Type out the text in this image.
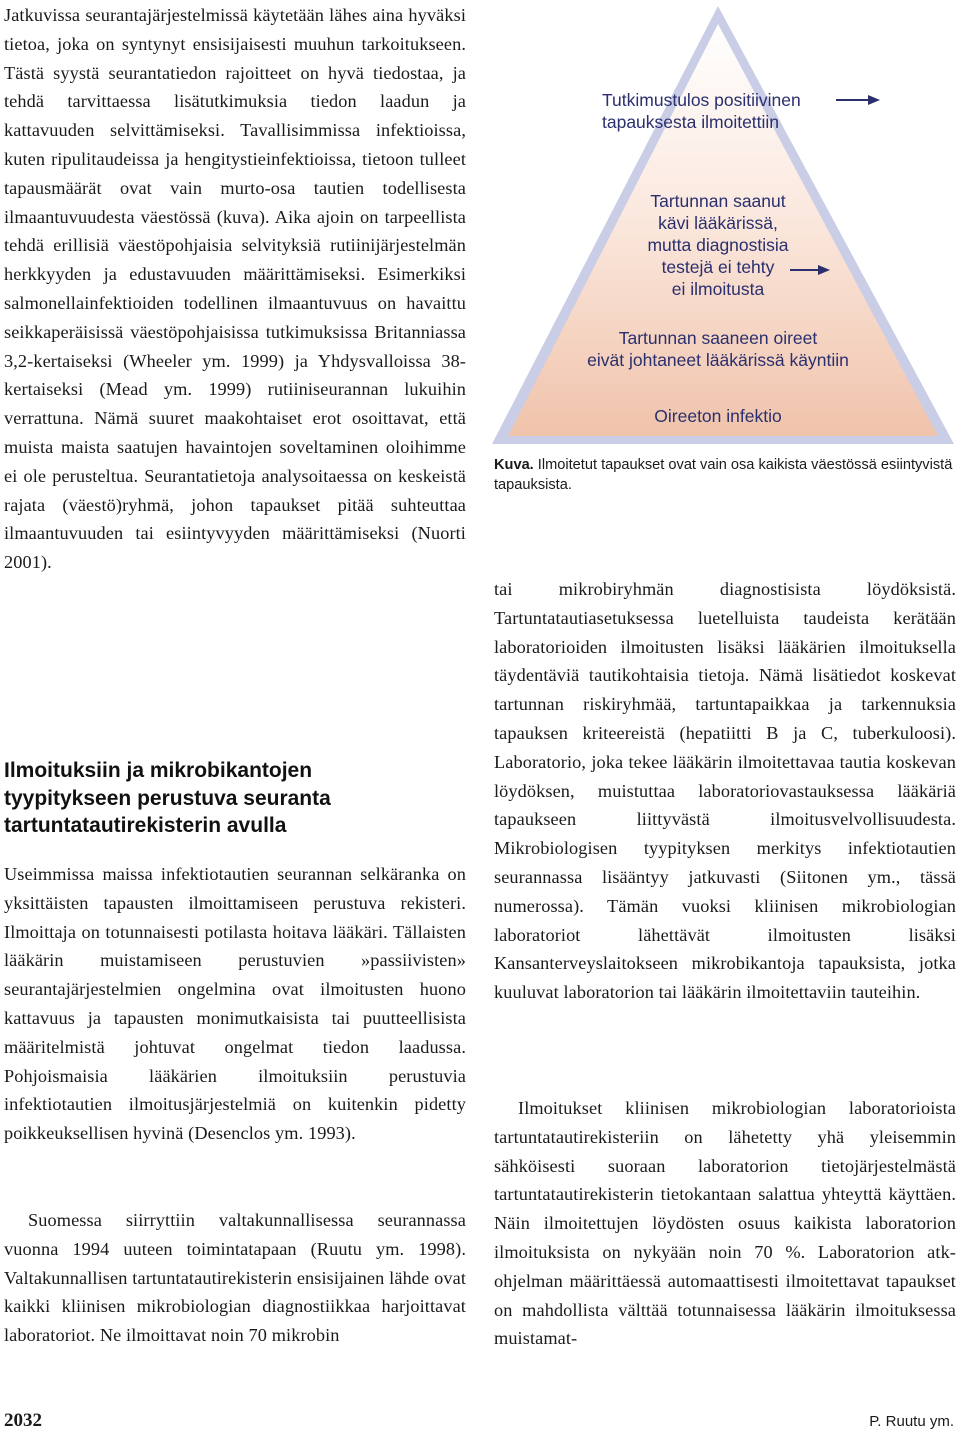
Jatkuvissa seurantajärjestelmissä käytetään lähes aina hyväksi tietoa, joka on syntynyt ensisijaisesti muuhun tarkoitukseen. Tästä syystä seurantatiedon rajoitteet on hyvä tiedostaa, ja tehdä tarvittaessa lisätutkimuksia tiedon laadun ja kattavuuden selvittämiseksi. Tavallisimmissa infektioissa, kuten ripulitaudeissa ja hengitystieinfektioissa, tietoon tulleet tapausmäärät ovat vain murto-osa tautien todellisesta ilmaantuvuudesta väestössä (kuva). Aika ajoin on tarpeellista tehdä erillisiä väestöpohjaisia selvityksiä rutiinijärjestelmän herkkyyden ja edustavuuden määrittämiseksi. Esimerkiksi salmonellainfektioiden todellinen ilmaantuvuus on havaittu seikkaperäisissä väestöpohjaisissa tutkimuksissa Britanniassa 3,2-kertaiseksi (Wheeler ym. 1999) ja Yhdysvalloissa 38-kertaiseksi (Mead ym. 1999) rutiiniseurannan lukuihin verrattuna. Nämä suuret maakohtaiset erot osoittavat, että muista maista saatujen havaintojen soveltaminen oloihimme ei ole perusteltua. Seurantatietoja analysoitaessa on keskeistä rajata (väestö)ryhmä, johon tapaukset pitää suhteuttaa ilmaantuvuuden tai esiintyvyyden määrittämiseksi (Nuorti 2001).

Ilmoituksiin ja mikrobikantojen tyypitykseen perustuva seuranta tartuntatautirekisterin avulla

Useimmissa maissa infektiotautien seurannan selkäranka on yksittäisten tapausten ilmoittamiseen perustuva rekisteri. Ilmoittaja on totunnaisesti potilasta hoitava lääkäri. Tällaisten lääkärin muistamiseen perustuvien »passiivisten» seurantajärjestelmien ongelmina ovat ilmoitusten huono kattavuus ja tapausten monimutkaisista tai puutteellisista määritelmistä johtuvat ongelmat tiedon laadussa. Pohjoismaisia lääkärien ilmoituksiin perustuvia infektiotautien ilmoitusjärjestelmiä on kuitenkin pidetty poikkeuksellisen hyvinä (Desenclos ym. 1993).

Suomessa siirryttiin valtakunnallisessa seurannassa vuonna 1994 uuteen toimintatapaan (Ruutu ym. 1998). Valtakunnallisen tartuntatautirekisterin ensisijainen lähde ovat kaikki kliinisen mikrobiologian diagnostiikkaa harjoittavat laboratoriot. Ne ilmoittavat noin 70 mikrobin

Tutkimustulos positiivinen
tapauksesta ilmoitettiin
Tartunnan saanut
kävi lääkärissä,
mutta diagnostisia
testejä ei tehty
ei ilmoitusta
Tartunnan saaneen oireet
eivät johtaneet lääkärissä käyntiin
Oireeton infektio
Kuva. Ilmoitetut tapaukset ovat vain osa kaikista väestössä esiintyvistä tapauksista.

tai mikrobiryhmän diagnostisista löydöksistä. Tartuntatautiasetuksessa luetelluista taudeista kerätään laboratorioiden ilmoitusten lisäksi lääkärien ilmoituksella täydentäviä tautikohtaisia tietoja. Nämä lisätiedot koskevat tartunnan riskiryhmää, tartuntapaikkaa ja tarkennuksia tapauksen kriteereistä (hepatiitti B ja C, tuberkuloosi). Laboratorio, joka tekee lääkärin ilmoitettavaa tautia koskevan löydöksen, muistuttaa laboratoriovastauksessa lääkäriä tapaukseen liittyvästä ilmoitusvelvollisuudesta. Mikrobiologisen tyypityksen merkitys infektiotautien seurannassa lisääntyy jatkuvasti (Siitonen ym., tässä numerossa). Tämän vuoksi kliinisen mikrobiologian laboratoriot lähettävät ilmoitusten lisäksi Kansanterveyslaitokseen mikrobikantoja tapauksista, jotka kuuluvat laboratorion tai lääkärin ilmoitettaviin tauteihin.

Ilmoitukset kliinisen mikrobiologian laboratorioista tartuntatautirekisteriin on lähetetty yhä yleisemmin sähköisesti suoraan laboratorion tietojärjestelmästä tartuntatautirekisterin tietokantaan salattua yhteyttä käyttäen. Näin ilmoitettujen löydösten osuus kaikista laboratorion ilmoituksista on nykyään noin 70 %. Laboratorion atk-ohjelman määrittäessä automaattisesti ilmoitettavat tapaukset on mahdollista välttää totunnaisessa lääkärin ilmoituksessa muistamat-

2032	P. Ruutu ym.
